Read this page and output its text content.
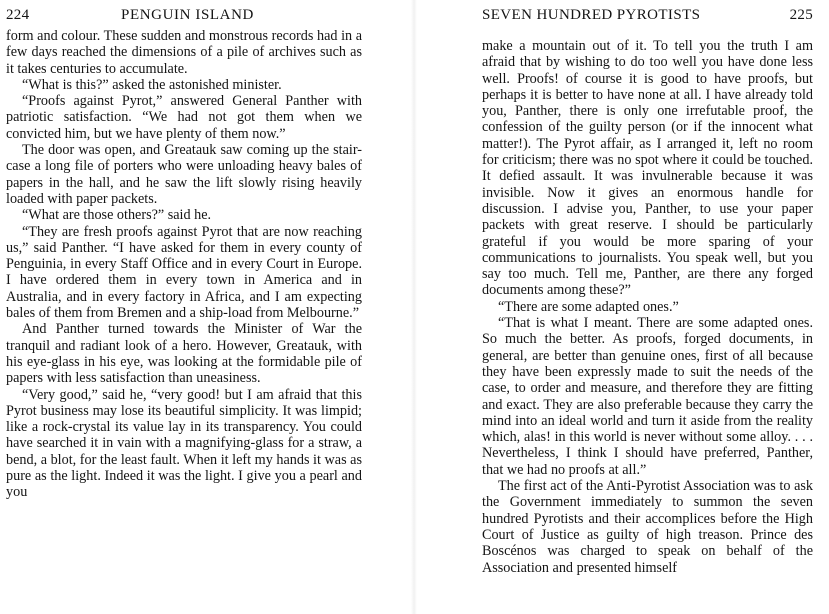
224	PENGUIN ISLAND

form and colour. These sudden and monstrous records had in a few days reached the dimensions of a pile of archives such as it takes centuries to accumulate.

“What is this?” asked the astonished minister.

“Proofs against Pyrot,” answered General Panther with patriotic satisfaction. “We had not got them when we convicted him, but we have plenty of them now.”

The door was open, and Greatauk saw coming up the stair-case a long file of porters who were unloading heavy bales of papers in the hall, and he saw the lift slowly rising heavily loaded with paper packets.

“What are those others?” said he.

“They are fresh proofs against Pyrot that are now reaching us,” said Panther. “I have asked for them in every county of Penguinia, in every Staff Office and in every Court in Europe. I have ordered them in every town in America and in Australia, and in every factory in Africa, and I am expecting bales of them from Bremen and a ship-load from Melbourne.”

And Panther turned towards the Minister of War the tranquil and radiant look of a hero. However, Greatauk, with his eye-glass in his eye, was looking at the formidable pile of papers with less satisfaction than uneasiness.

“Very good,” said he, “very good! but I am afraid that this Pyrot business may lose its beautiful simplicity. It was limpid; like a rock-crystal its value lay in its transparency. You could have searched it in vain with a magnifying-glass for a straw, a bend, a blot, for the least fault. When it left my hands it was as pure as the light. Indeed it was the light. I give you a pearl and you

SEVEN HUNDRED PYROTISTS	225

make a mountain out of it. To tell you the truth I am afraid that by wishing to do too well you have done less well. Proofs! of course it is good to have proofs, but perhaps it is better to have none at all. I have already told you, Panther, there is only one irrefutable proof, the confession of the guilty person (or if the innocent what matter!). The Pyrot affair, as I arranged it, left no room for criticism; there was no spot where it could be touched. It defied assault. It was invulnerable because it was invisible. Now it gives an enormous handle for discussion. I advise you, Panther, to use your paper packets with great reserve. I should be particularly grateful if you would be more sparing of your communications to journalists. You speak well, but you say too much. Tell me, Panther, are there any forged documents among these?”

“There are some adapted ones.”

“That is what I meant. There are some adapted ones. So much the better. As proofs, forged documents, in general, are better than genuine ones, first of all because they have been expressly made to suit the needs of the case, to order and measure, and therefore they are fitting and exact. They are also preferable because they carry the mind into an ideal world and turn it aside from the reality which, alas! in this world is never without some alloy. . . . Nevertheless, I think I should have preferred, Panther, that we had no proofs at all.”

The first act of the Anti-Pyrotist Association was to ask the Government immediately to summon the seven hundred Pyrotists and their accomplices before the High Court of Justice as guilty of high treason. Prince des Boscénos was charged to speak on behalf of the Association and presented himself
